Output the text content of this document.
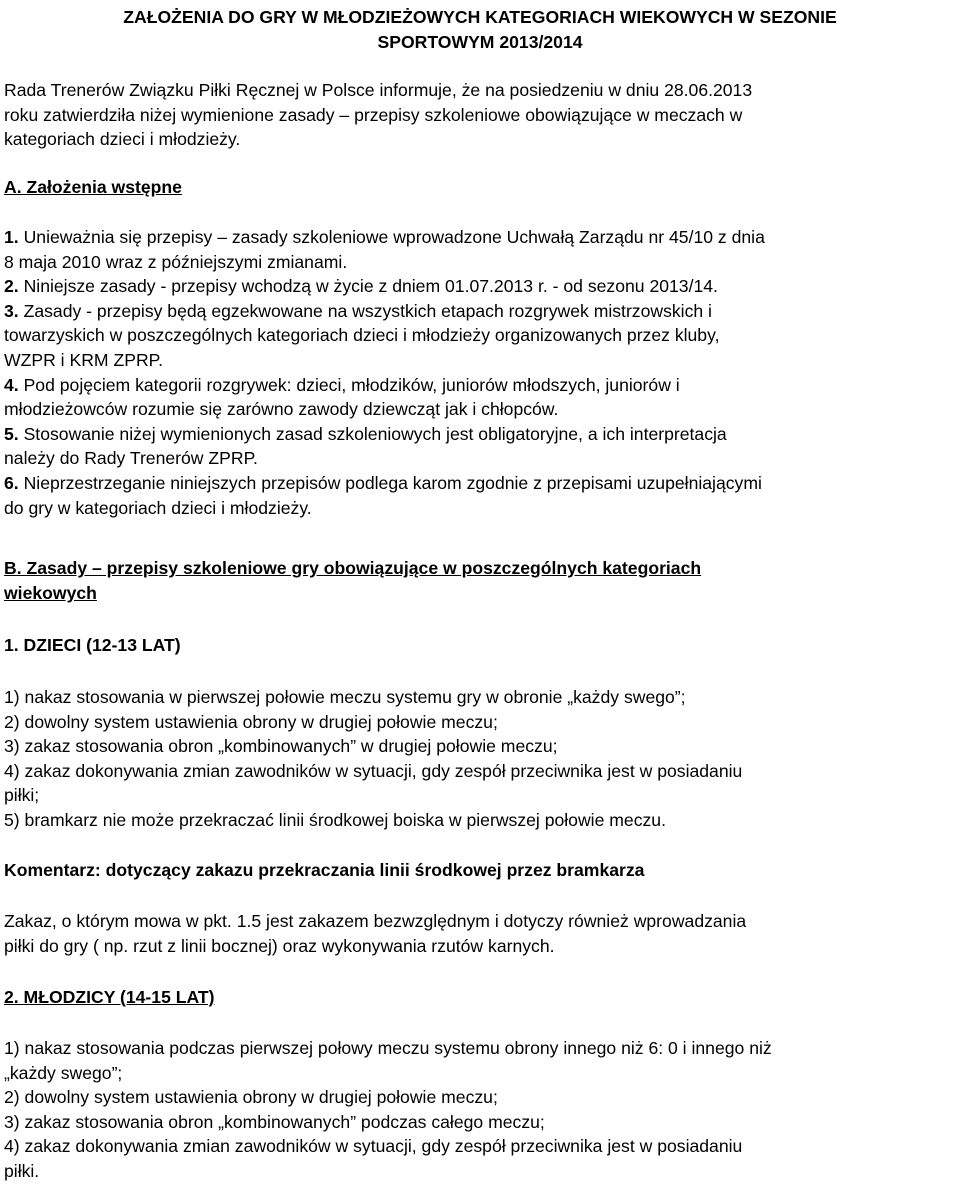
ZAŁOŻENIA DO GRY W MŁODZIEŻOWYCH KATEGORIACH WIEKOWYCH W SEZONIE
SPORTOWYM 2013/2014
Rada Trenerów Związku Piłki Ręcznej w Polsce informuje, że na posiedzeniu w dniu 28.06.2013
roku zatwierdziła niżej wymienione zasady – przepisy szkoleniowe obowiązujące w meczach w
kategoriach dzieci i młodzieży.
A. Założenia wstępne
1. Unieważnia się przepisy – zasady szkoleniowe wprowadzone Uchwałą Zarządu nr 45/10 z dnia
8 maja 2010 wraz z późniejszymi zmianami.
2. Niniejsze zasady - przepisy wchodzą w życie z dniem 01.07.2013 r. - od sezonu 2013/14.
3. Zasady - przepisy będą egzekwowane na wszystkich etapach rozgrywek mistrzowskich i
towarzyskich w poszczególnych kategoriach dzieci i młodzieży organizowanych przez kluby,
WZPR i KRM ZPRP.
4. Pod pojęciem kategorii rozgrywek: dzieci, młodzików, juniorów młodszych, juniorów i
młodzieżowców rozumie się zarówno zawody dziewcząt jak i chłopców.
5. Stosowanie niżej wymienionych zasad szkoleniowych jest obligatoryjne, a ich interpretacja
należy do Rady Trenerów ZPRP.
6. Nieprzestrzeganie niniejszych przepisów podlega karom zgodnie z przepisami uzupełniającymi
do gry w kategoriach dzieci i młodzieży.
B. Zasady – przepisy szkoleniowe gry obowiązujące w poszczególnych kategoriach
wiekowych
1. DZIECI (12-13 LAT)
1) nakaz stosowania w pierwszej połowie meczu systemu gry w obronie „każdy swego”;
2) dowolny system ustawienia obrony w drugiej połowie meczu;
3) zakaz stosowania obron „kombinowanych” w drugiej połowie meczu;
4) zakaz dokonywania zmian zawodników w sytuacji, gdy zespół przeciwnika jest w posiadaniu
piłki;
5) bramkarz nie może przekraczać linii środkowej boiska w pierwszej połowie meczu.
Komentarz: dotyczący zakazu przekraczania linii środkowej przez bramkarza
Zakaz, o którym mowa w pkt. 1.5 jest zakazem bezwzględnym i dotyczy również wprowadzania
piłki do gry ( np. rzut z linii bocznej) oraz wykonywania rzutów karnych.
2. MŁODZICY (14-15 LAT)
1) nakaz stosowania podczas pierwszej połowy meczu systemu obrony innego niż 6: 0 i innego niż
„każdy swego”;
2) dowolny system ustawienia obrony w drugiej połowie meczu;
3) zakaz stosowania obron „kombinowanych” podczas całego meczu;
4) zakaz dokonywania zmian zawodników w sytuacji, gdy zespół przeciwnika jest w posiadaniu
piłki.
